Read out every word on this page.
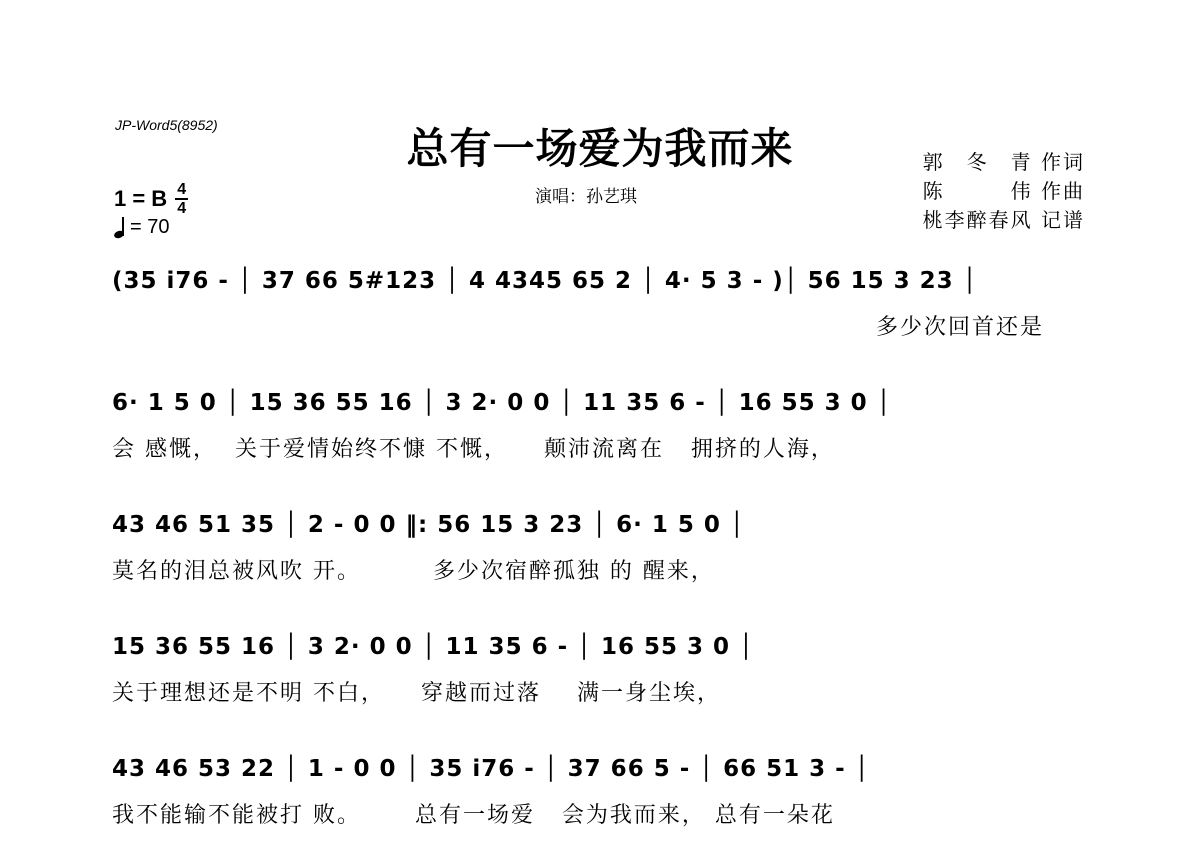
JP-Word5(8952)	总有一场爱为我而来
演唱：孙艺琪
郭　冬　青 作词
陈　　　伟 作曲
桃李醉春风 记谱
1 = B 4
4
= 70
(35 i76 - │ 37 66 5#123 │ 4 4345 65 2 │ 4· 5 3 - )│ 56 15 3 23 │
多少次回首还是
6· 1 5 0 │ 15 36 55 16 │ 3 2· 0 0 │ 11 35 6 - │ 16 55 3 0 │
会 感慨，  关于爱情始终不慷 不慨，    颠沛流离在   拥挤的人海，
43 46 51 35 │ 2 - 0 0 ‖: 56 15 3 23 │ 6· 1 5 0 │
莫名的泪总被风吹 开。        多少次宿醉孤独 的 醒来，
15 36 55 16 │ 3 2· 0 0 │ 11 35 6 - │ 16 55 3 0 │
关于理想还是不明 不白，    穿越而过落    满一身尘埃，
43 46 53 22 │ 1 - 0 0 │ 35 i76 - │ 37 66 5 - │ 66 51 3 - │
我不能输不能被打 败。      总有一场爱   会为我而来， 总有一朵花
